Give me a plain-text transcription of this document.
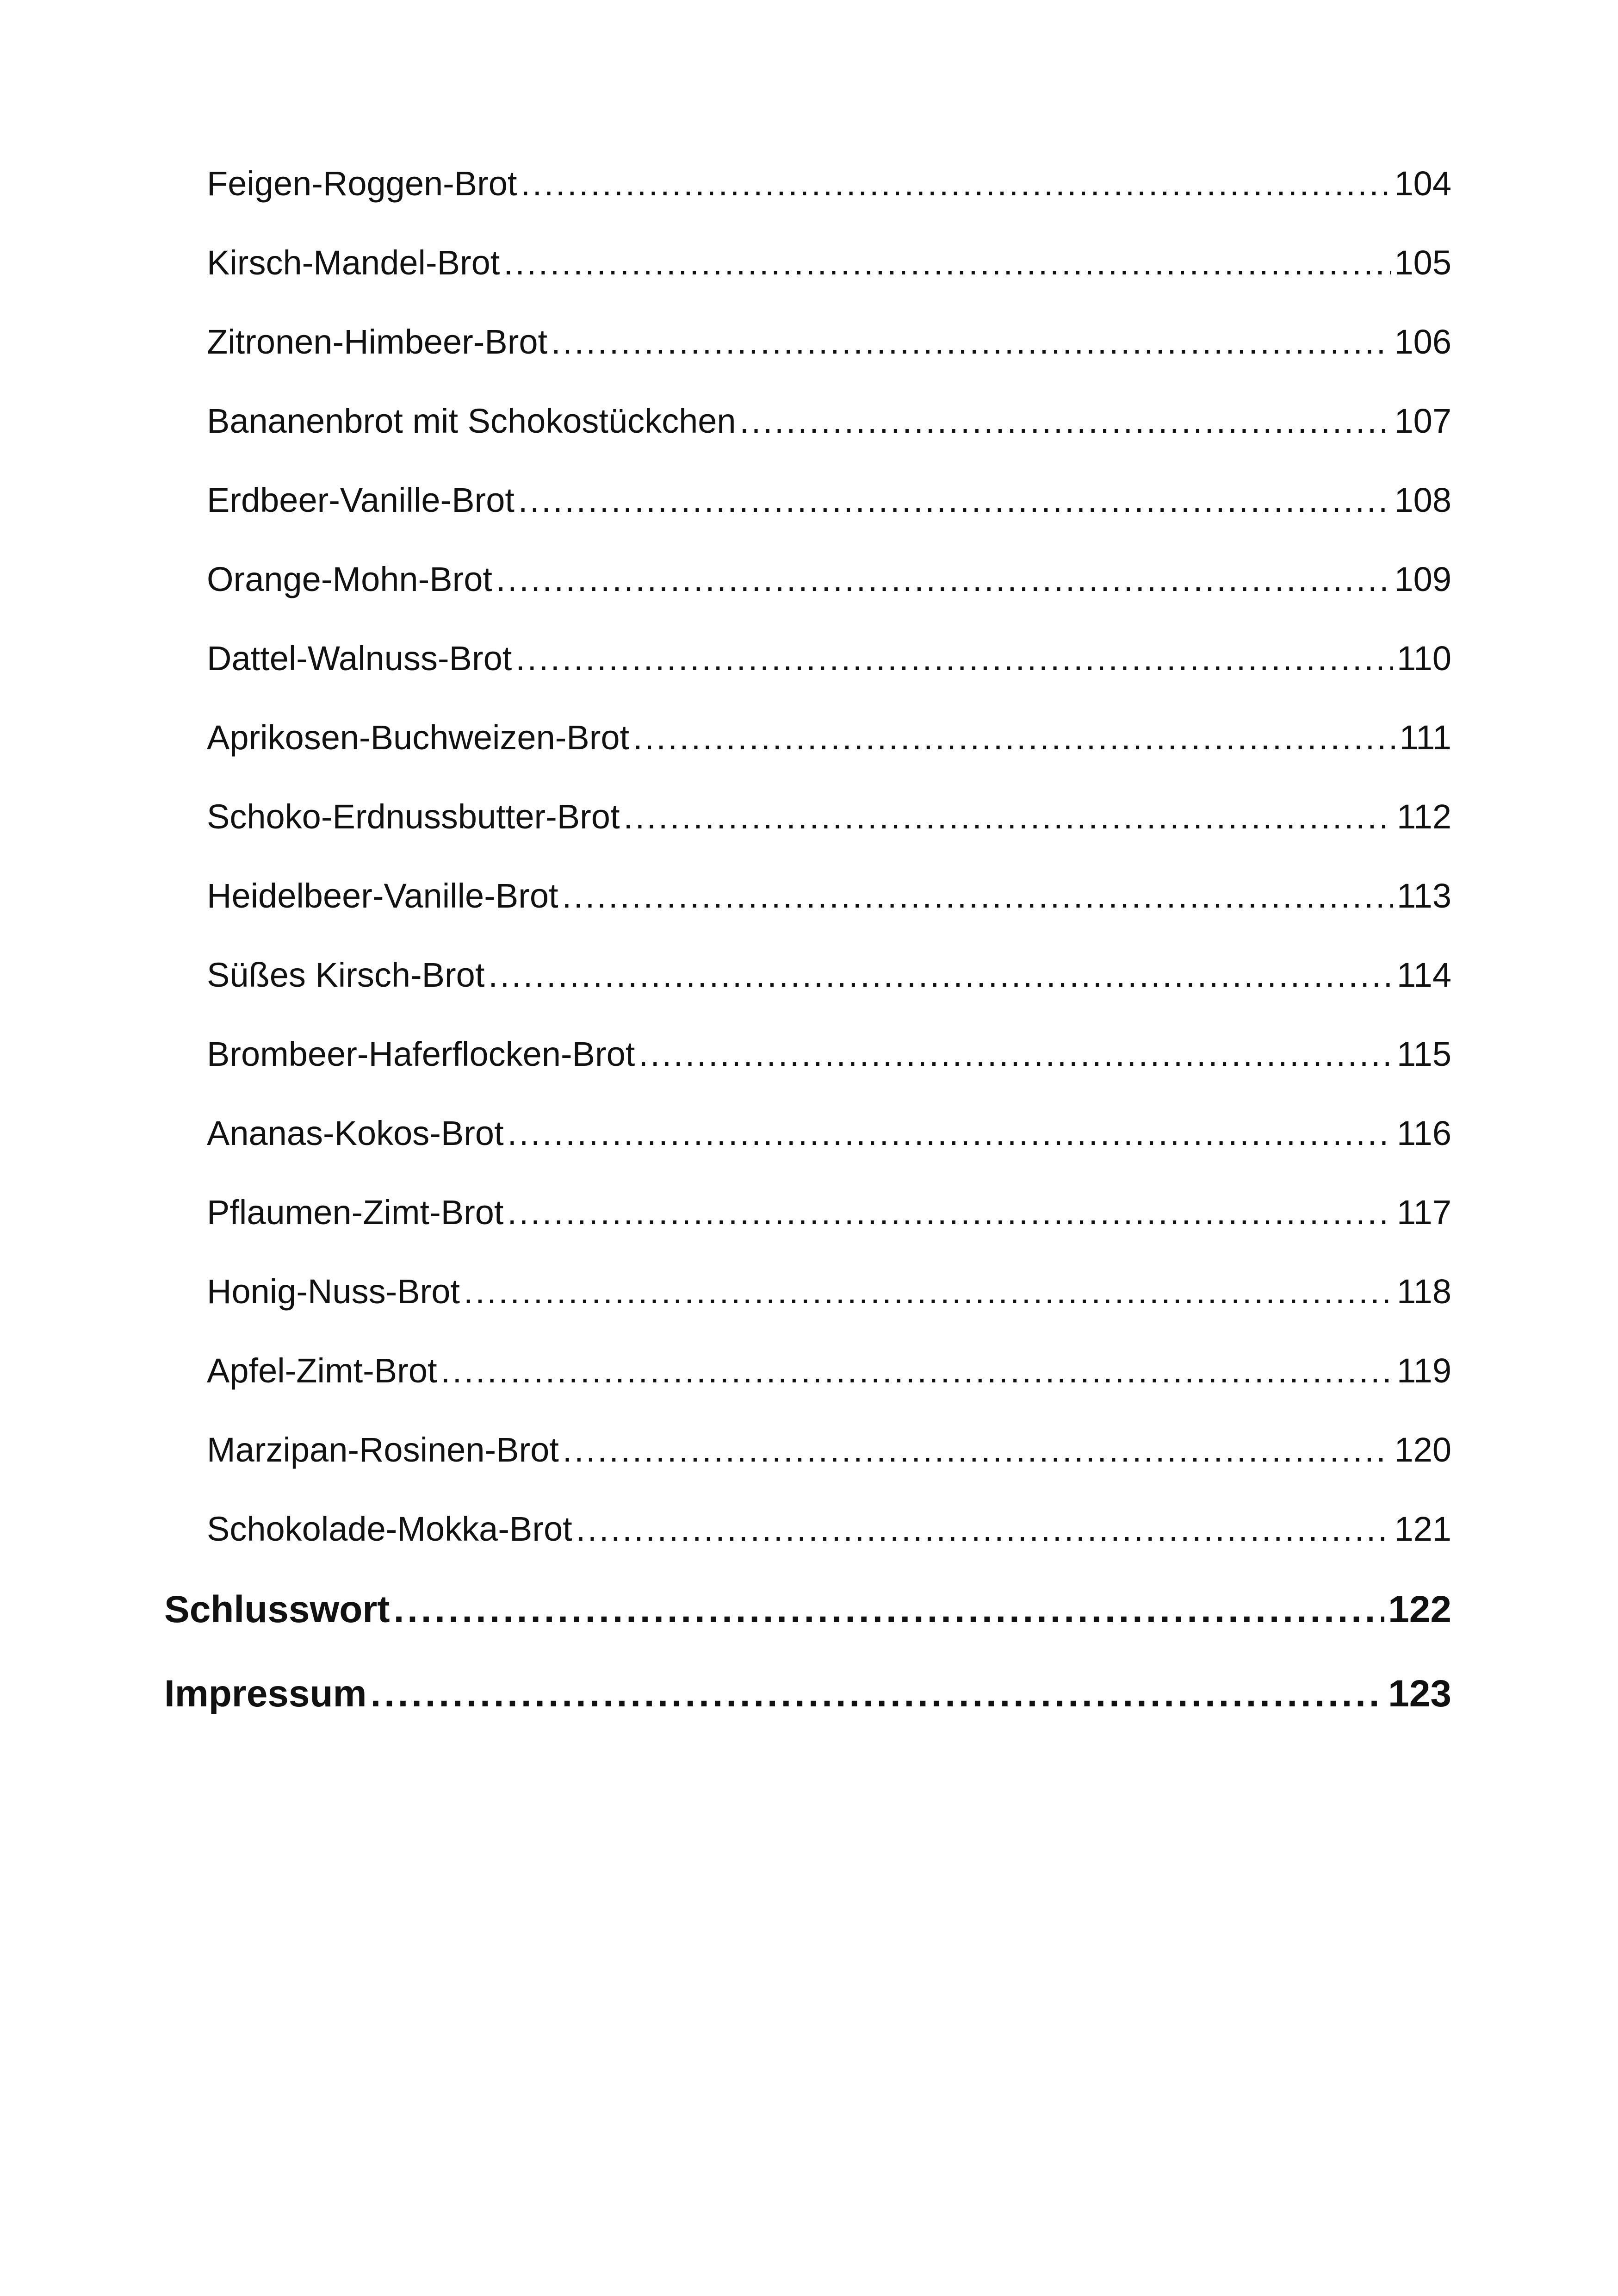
Feigen-Roggen-Brot . . .	104
Kirsch-Mandel-Brot . . .	105
Zitronen-Himbeer-Brot . . .	106
Bananenbrot mit Schokostückchen . . .	107
Erdbeer-Vanille-Brot . . .	108
Orange-Mohn-Brot . . .	109
Dattel-Walnuss-Brot . . .	110
Aprikosen-Buchweizen-Brot . . .	111
Schoko-Erdnussbutter-Brot . . .	112
Heidelbeer-Vanille-Brot . . .	113
Süßes Kirsch-Brot . . .	114
Brombeer-Haferflocken-Brot . . .	115
Ananas-Kokos-Brot . . .	116
Pflaumen-Zimt-Brot . . .	117
Honig-Nuss-Brot . . .	118
Apfel-Zimt-Brot . . .	119
Marzipan-Rosinen-Brot . . .	120
Schokolade-Mokka-Brot . . .	121
Schlusswort . . .	122
Impressum . . .	123
